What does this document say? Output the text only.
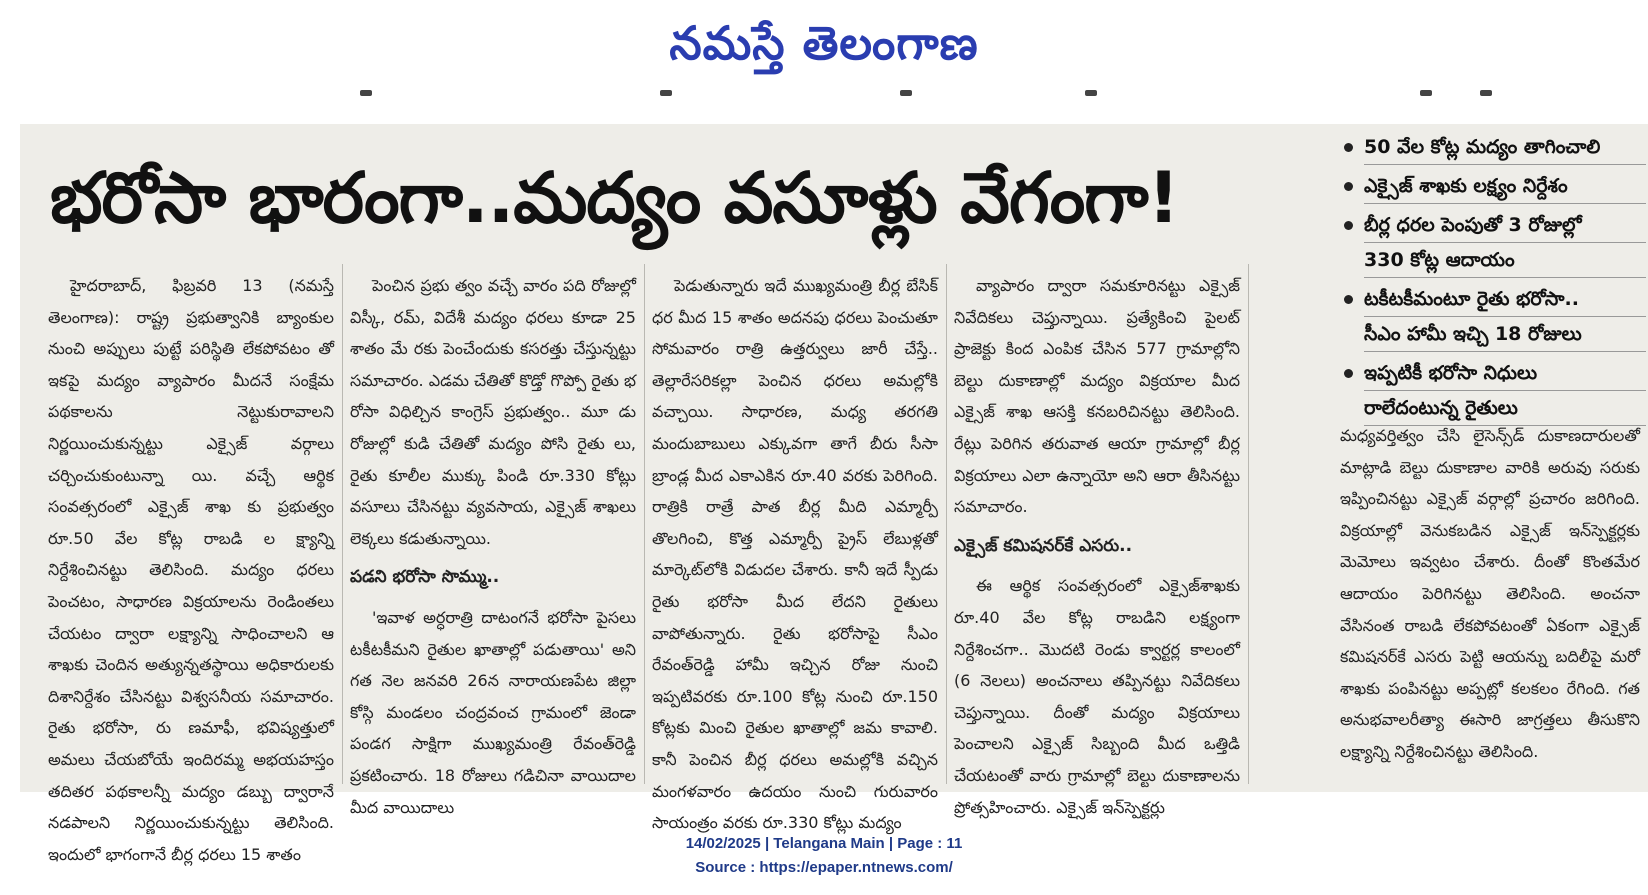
నమస్తే తెలంగాణ
భరోసా భారంగా..మద్యం వసూళ్లు వేగంగా!
50 వేల కోట్ల మద్యం తాగించాలి
ఎక్సైజ్ శాఖకు లక్ష్యం నిర్దేశం
బీర్ల ధరల పెంపుతో 3 రోజుల్లో
330 కోట్ల ఆదాయం
టకీటకీమంటూ రైతు భరోసా..
సీఎం హామీ ఇచ్చి 18 రోజులు
ఇప్పటికీ భరోసా నిధులు
రాలేదంటున్న రైతులు

హైదరాబాద్, ఫిబ్రవరి 13 (నమస్తే తెలంగాణ): రాష్ట్ర ప్రభుత్వానికి బ్యాంకుల నుంచి అప్పులు పుట్టే పరిస్థితి లేకపోవటం తో ఇకపై మద్యం వ్యాపారం మీదనే సంక్షేమ పథకాలను నెట్టుకురావాలని నిర్ణయించుకున్నట్టు ఎక్సైజ్ వర్గాలు చర్చించుకుంటున్నా యి. వచ్చే ఆర్థిక సంవత్సరంలో ఎక్సైజ్ శాఖ కు ప్రభుత్వం రూ.50 వేల కోట్ల రాబడి ల క్ష్యాన్ని నిర్దేశించినట్టు తెలిసింది. మద్యం ధరలు పెంచటం, సాధారణ విక్రయాలను రెండింతలు చేయటం ద్వారా లక్ష్యాన్ని సాధించాలని ఆ శాఖకు చెందిన అత్యున్నతస్థాయి అధికారులకు దిశానిర్దేశం చేసినట్టు విశ్వసనీయ సమాచారం. రైతు భరోసా, రు ణమాఫీ, భవిష్యత్తులో అమలు చేయబోయే ఇందిరమ్మ అభయహస్తం తదితర పథకాలన్నీ మద్యం డబ్బు ద్వారానే నడపాలని నిర్ణయించుకున్నట్టు తెలిసింది. ఇందులో భాగంగానే బీర్ల ధరలు 15 శాతం

పెంచిన ప్రభు త్వం వచ్చే వారం పది రోజుల్లో విస్కీ, రమ్, విదేశీ మద్యం ధరలు కూడా 25 శాతం మే రకు పెంచేందుకు కసరత్తు చేస్తున్నట్టు సమాచారం. ఎడమ చేతితో కొడ్తో గొప్పో రైతు భ రోసా విధిల్చిన కాంగ్రెస్ ప్రభుత్వం.. మూ డు రోజుల్లో కుడి చేతితో మద్యం పోసి రైతు లు, రైతు కూలీల ముక్కు పిండి రూ.330 కోట్లు వసూలు చేసినట్టు వ్యవసాయ, ఎక్సైజ్ శాఖలు లెక్కలు కడుతున్నాయి.

పడని భరోసా సొమ్ము..

'ఇవాళ అర్ధరాత్రి దాటంగనే భరోసా పైసలు టకీటకీమని రైతుల ఖాతాల్లో పడుతాయి' అని గత నెల జనవరి 26న నారాయణపేట జిల్లా కోస్గి మండలం చంద్రవంచ గ్రామంలో జెండా పండగ సాక్షిగా ముఖ్యమంత్రి రేవంత్‌రెడ్డి ప్రకటించారు. 18 రోజులు గడిచినా వాయిదాల మీద వాయిదాలు

పెడుతున్నారు ఇదే ముఖ్యమంత్రి బీర్ల బేసిక్ ధర మీద 15 శాతం అదనపు ధరలు పెంచుతూ సోమవారం రాత్రి ఉత్తర్వులు జారీ చేస్తే.. తెల్లారేసరికల్లా పెంచిన ధరలు అమల్లోకి వచ్చాయి. సాధారణ, మధ్య తరగతి మందుబాబులు ఎక్కువగా తాగే బీరు సీసా బ్రాండ్ల మీద ఎకాఎకిన రూ.40 వరకు పెరిగింది. రాత్రికి రాత్రే పాత బీర్ల మీది ఎమ్మార్పీ తొలగించి, కొత్త ఎమ్మార్పీ ప్రైస్ లేబుళ్లతో మార్కెట్‌లోకి విడుదల చేశారు. కానీ ఇదే స్పీడు రైతు భరోసా మీద లేదని రైతులు వాపోతున్నారు. రైతు భరోసాపై సీఎం రేవంత్‌రెడ్డి హామీ ఇచ్చిన రోజు నుంచి ఇప్పటివరకు రూ.100 కోట్ల నుంచి రూ.150 కోట్లకు మించి రైతుల ఖాతాల్లో జమ కావాలి. కానీ పెంచిన బీర్ల ధరలు అమల్లోకి వచ్చిన మంగళవారం ఉదయం నుంచి గురువారం సాయంత్రం వరకు రూ.330 కోట్లు మద్యం

వ్యాపారం ద్వారా సమకూరినట్టు ఎక్సైజ్ నివేదికలు చెప్తున్నాయి. ప్రత్యేకించి పైలట్ ప్రాజెక్టు కింద ఎంపిక చేసిన 577 గ్రామాల్లోని బెల్టు దుకాణాల్లో మద్యం విక్రయాల మీద ఎక్సైజ్ శాఖ ఆసక్తి కనబరిచినట్టు తెలిసింది. రేట్లు పెరిగిన తరువాత ఆయా గ్రామాల్లో బీర్ల విక్రయాలు ఎలా ఉన్నాయో అని ఆరా తీసినట్టు సమాచారం.

ఎక్సైజ్ కమిషనర్‌కే ఎసరు..

ఈ ఆర్థిక సంవత్సరంలో ఎక్సైజ్‌శాఖకు రూ.40 వేల కోట్ల రాబడిని లక్ష్యంగా నిర్దేశించగా.. మొదటి రెండు క్వార్టర్ల కాలంలో (6 నెలలు) అంచనాలు తప్పినట్టు నివేదికలు చెప్తున్నాయి. దీంతో మద్యం విక్రయాలు పెంచాలని ఎక్సైజ్ సిబ్బంది మీద ఒత్తిడి చేయటంతో వారు గ్రామాల్లో బెల్టు దుకాణాలను ప్రోత్సహించారు. ఎక్సైజ్ ఇన్‌స్పెక్టర్లు

మధ్యవర్తిత్వం చేసి లైసెన్స్‌డ్ దుకాణదారులతో మాట్లాడి బెల్టు దుకాణాల వారికి అరువు సరుకు ఇప్పించినట్టు ఎక్సైజ్ వర్గాల్లో ప్రచారం జరిగింది. విక్రయాల్లో వెనుకబడిన ఎక్సైజ్ ఇన్‌స్పెక్టర్లకు మెమోలు ఇవ్వటం చేశారు. దీంతో కొంతమేర ఆదాయం పెరిగినట్టు తెలిసింది. అంచనా వేసినంత రాబడి లేకపోవటంతో ఏకంగా ఎక్సైజ్ కమిషనర్‌కే ఎసరు పెట్టి ఆయన్ను బదిలీపై మరో శాఖకు పంపినట్టు అప్పట్లో కలకలం రేగింది. గత అనుభవాలరీత్యా ఈసారి జాగ్రత్తలు తీసుకొని లక్ష్యాన్ని నిర్దేశించినట్టు తెలిసింది.

14/02/2025 | Telangana Main | Page : 11
Source : https://epaper.ntnews.com/
